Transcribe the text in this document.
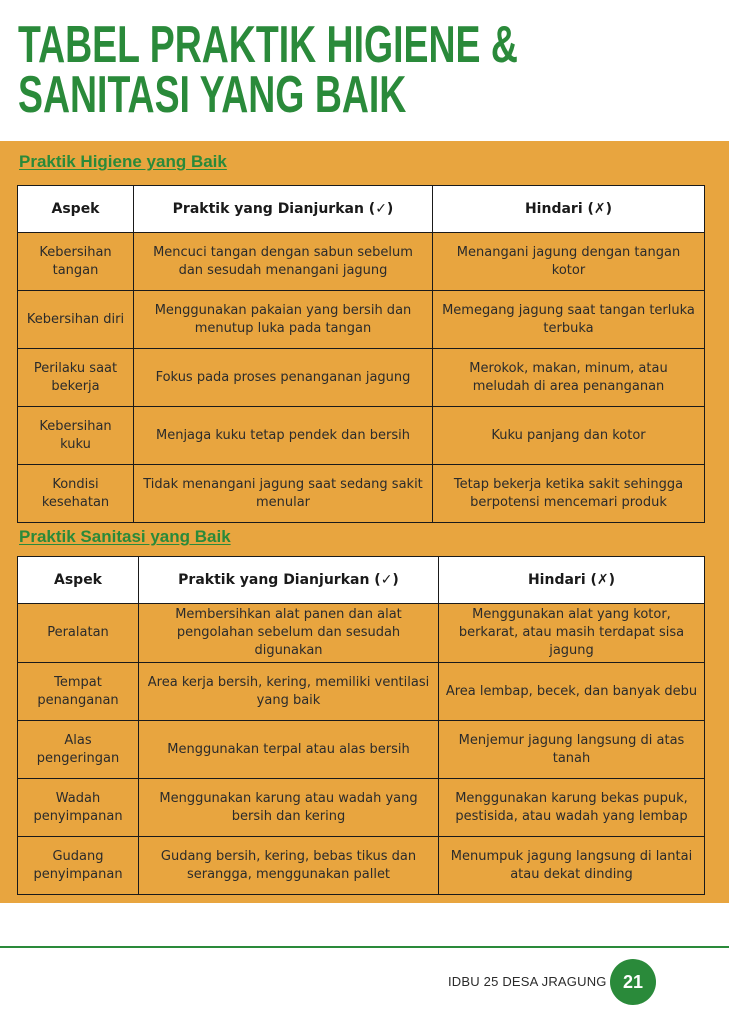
TABEL PRAKTIK HIGIENE &
SANITASI YANG BAIK
Praktik Higiene yang Baik
Aspek	Praktik yang Dianjurkan (✓)	Hindari (✗)
Kebersihan tangan	Mencuci tangan dengan sabun sebelum dan sesudah menangani jagung	Menangani jagung dengan tangan kotor
Kebersihan diri	Menggunakan pakaian yang bersih dan menutup luka pada tangan	Memegang jagung saat tangan terluka terbuka
Perilaku saat bekerja	Fokus pada proses penanganan jagung	Merokok, makan, minum, atau meludah di area penanganan
Kebersihan kuku	Menjaga kuku tetap pendek dan bersih	Kuku panjang dan kotor
Kondisi kesehatan	Tidak menangani jagung saat sedang sakit menular	Tetap bekerja ketika sakit sehingga berpotensi mencemari produk
Praktik Sanitasi yang Baik
Aspek	Praktik yang Dianjurkan (✓)	Hindari (✗)
Peralatan	Membersihkan alat panen dan alat pengolahan sebelum dan sesudah digunakan	Menggunakan alat yang kotor, berkarat, atau masih terdapat sisa jagung
Tempat penanganan	Area kerja bersih, kering, memiliki ventilasi yang baik	Area lembap, becek, dan banyak debu
Alas pengeringan	Menggunakan terpal atau alas bersih	Menjemur jagung langsung di atas tanah
Wadah penyimpanan	Menggunakan karung atau wadah yang bersih dan kering	Menggunakan karung bekas pupuk, pestisida, atau wadah yang lembap
Gudang penyimpanan	Gudang bersih, kering, bebas tikus dan serangga, menggunakan pallet	Menumpuk jagung langsung di lantai atau dekat dinding
IDBU 25 DESA JRAGUNG 21
